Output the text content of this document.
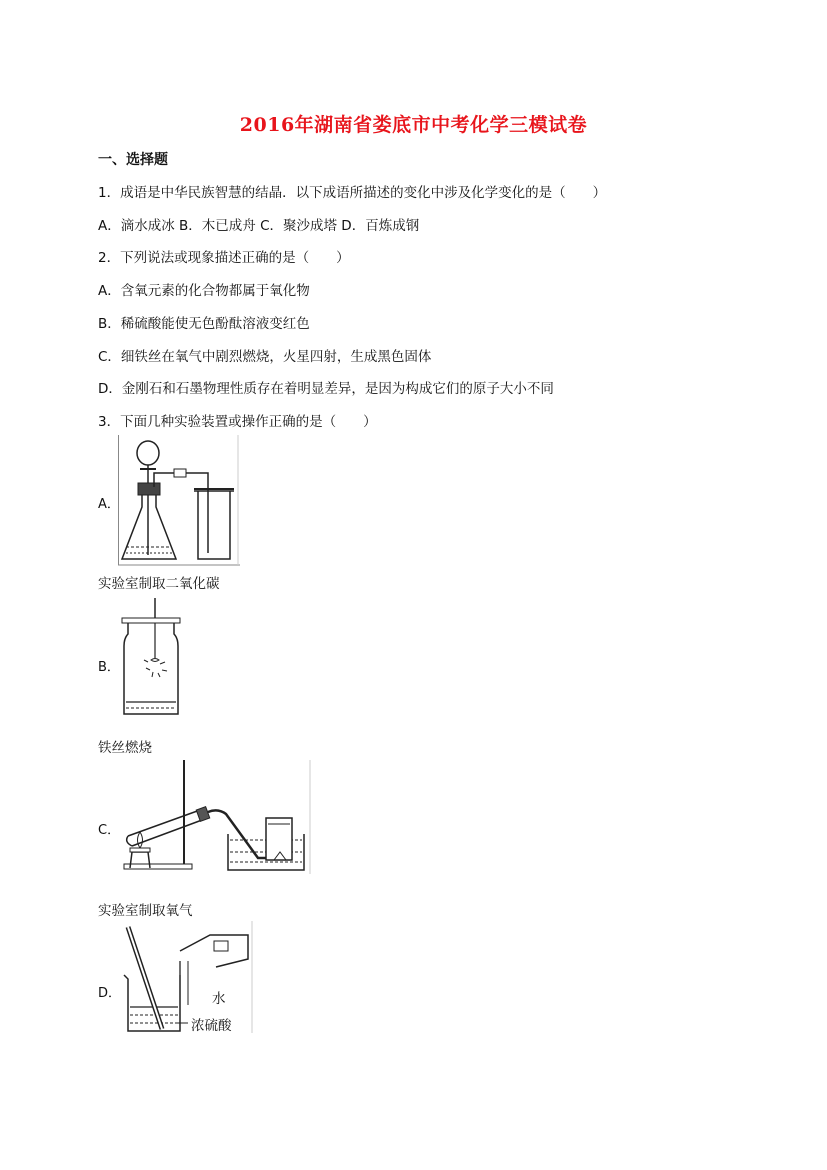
2016年湖南省娄底市中考化学三模试卷
一、选择题
1．成语是中华民族智慧的结晶．以下成语所描述的变化中涉及化学变化的是（　　）
A．滴水成冰 B．木已成舟 C．聚沙成塔 D．百炼成钢
2．下列说法或现象描述正确的是（　　）
A．含氧元素的化合物都属于氧化物
B．稀硫酸能使无色酚酞溶液变红色
C．细铁丝在氧气中剧烈燃烧，火星四射，生成黑色固体
D．金刚石和石墨物理性质存在着明显差异，是因为构成它们的原子大小不同
3．下面几种实验装置或操作正确的是（　　）
A．
实验室制取二氧化碳
B．
铁丝燃烧
C．
实验室制取氧气
D．	水
浓硫酸
